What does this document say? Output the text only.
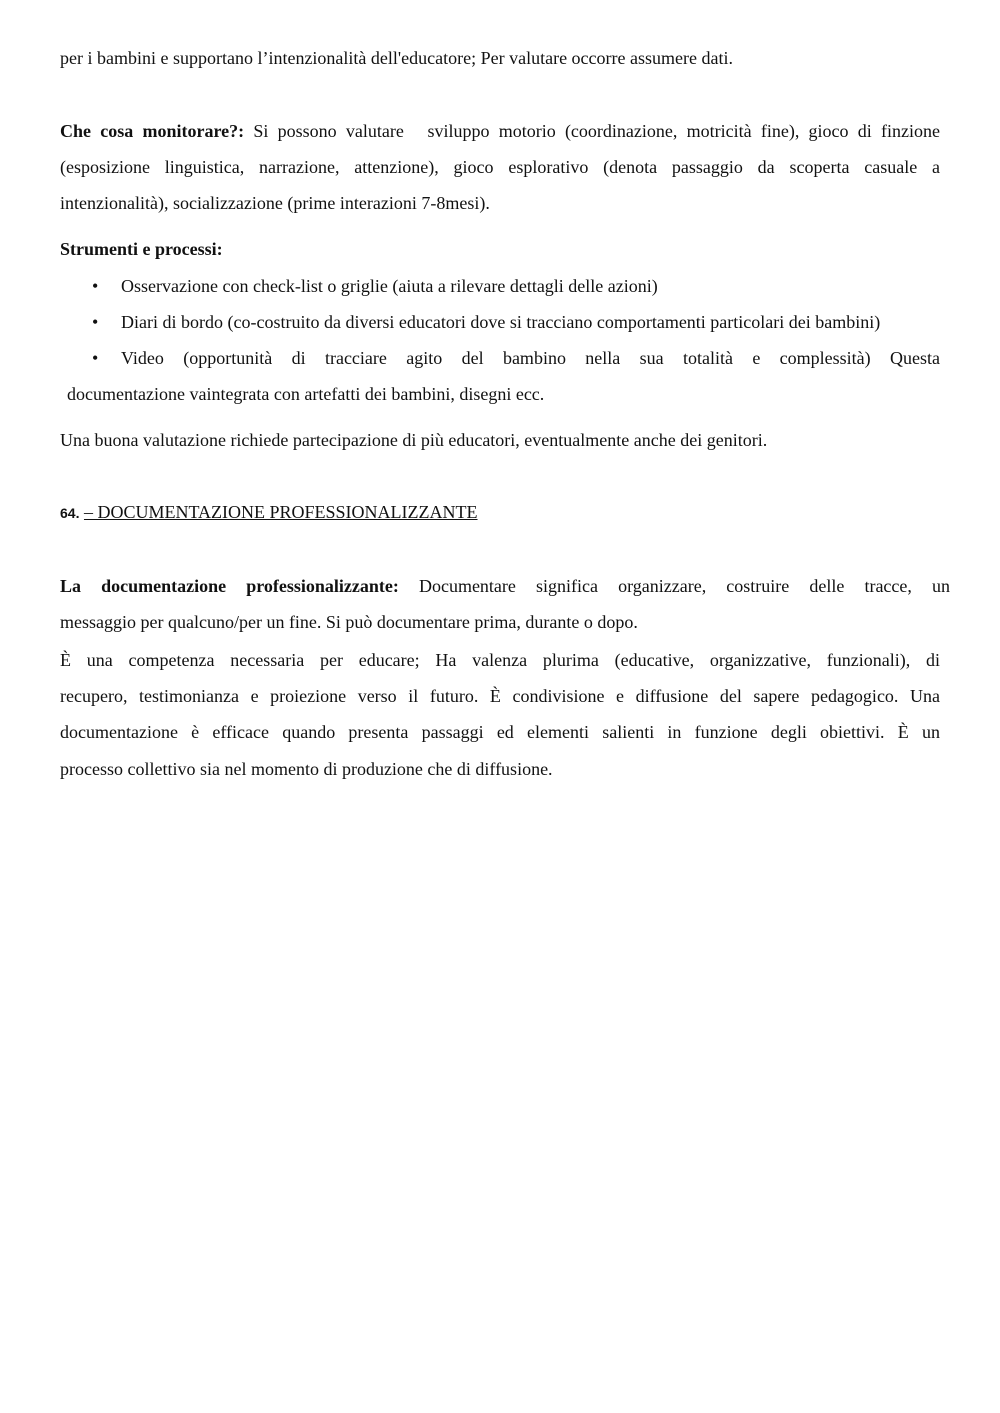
per i bambini e supportano l’intenzionalità dell'educatore; Per valutare occorre assumere dati.
Che cosa monitorare?: Si possono valutare sviluppo motorio (coordinazione, motricità fine), gioco di finzione
(esposizione linguistica, narrazione, attenzione), gioco esplorativo (denota passaggio da scoperta casuale a
intenzionalità), socializzazione (prime interazioni 7-8mesi).
Strumenti e processi:
• Osservazione con check-list o griglie (aiuta a rilevare dettagli delle azioni)
• Diari di bordo (co-costruito da diversi educatori dove si tracciano comportamenti particolari dei bambini)
• Video (opportunità di tracciare agito del bambino nella sua totalità e complessità) Questa
documentazione vaintegrata con artefatti dei bambini, disegni ecc.
Una buona valutazione richiede partecipazione di più educatori, eventualmente anche dei genitori.
64. – DOCUMENTAZIONE PROFESSIONALIZZANTE
La documentazione professionalizzante: Documentare significa organizzare, costruire delle tracce, un
messaggio per qualcuno/per un fine. Si può documentare prima, durante o dopo.
È una competenza necessaria per educare; Ha valenza plurima (educative, organizzative, funzionali), di
recupero, testimonianza e proiezione verso il futuro. È condivisione e diffusione del sapere pedagogico. Una
documentazione è efficace quando presenta passaggi ed elementi salienti in funzione degli obiettivi. È un
processo collettivo sia nel momento di produzione che di diffusione.
